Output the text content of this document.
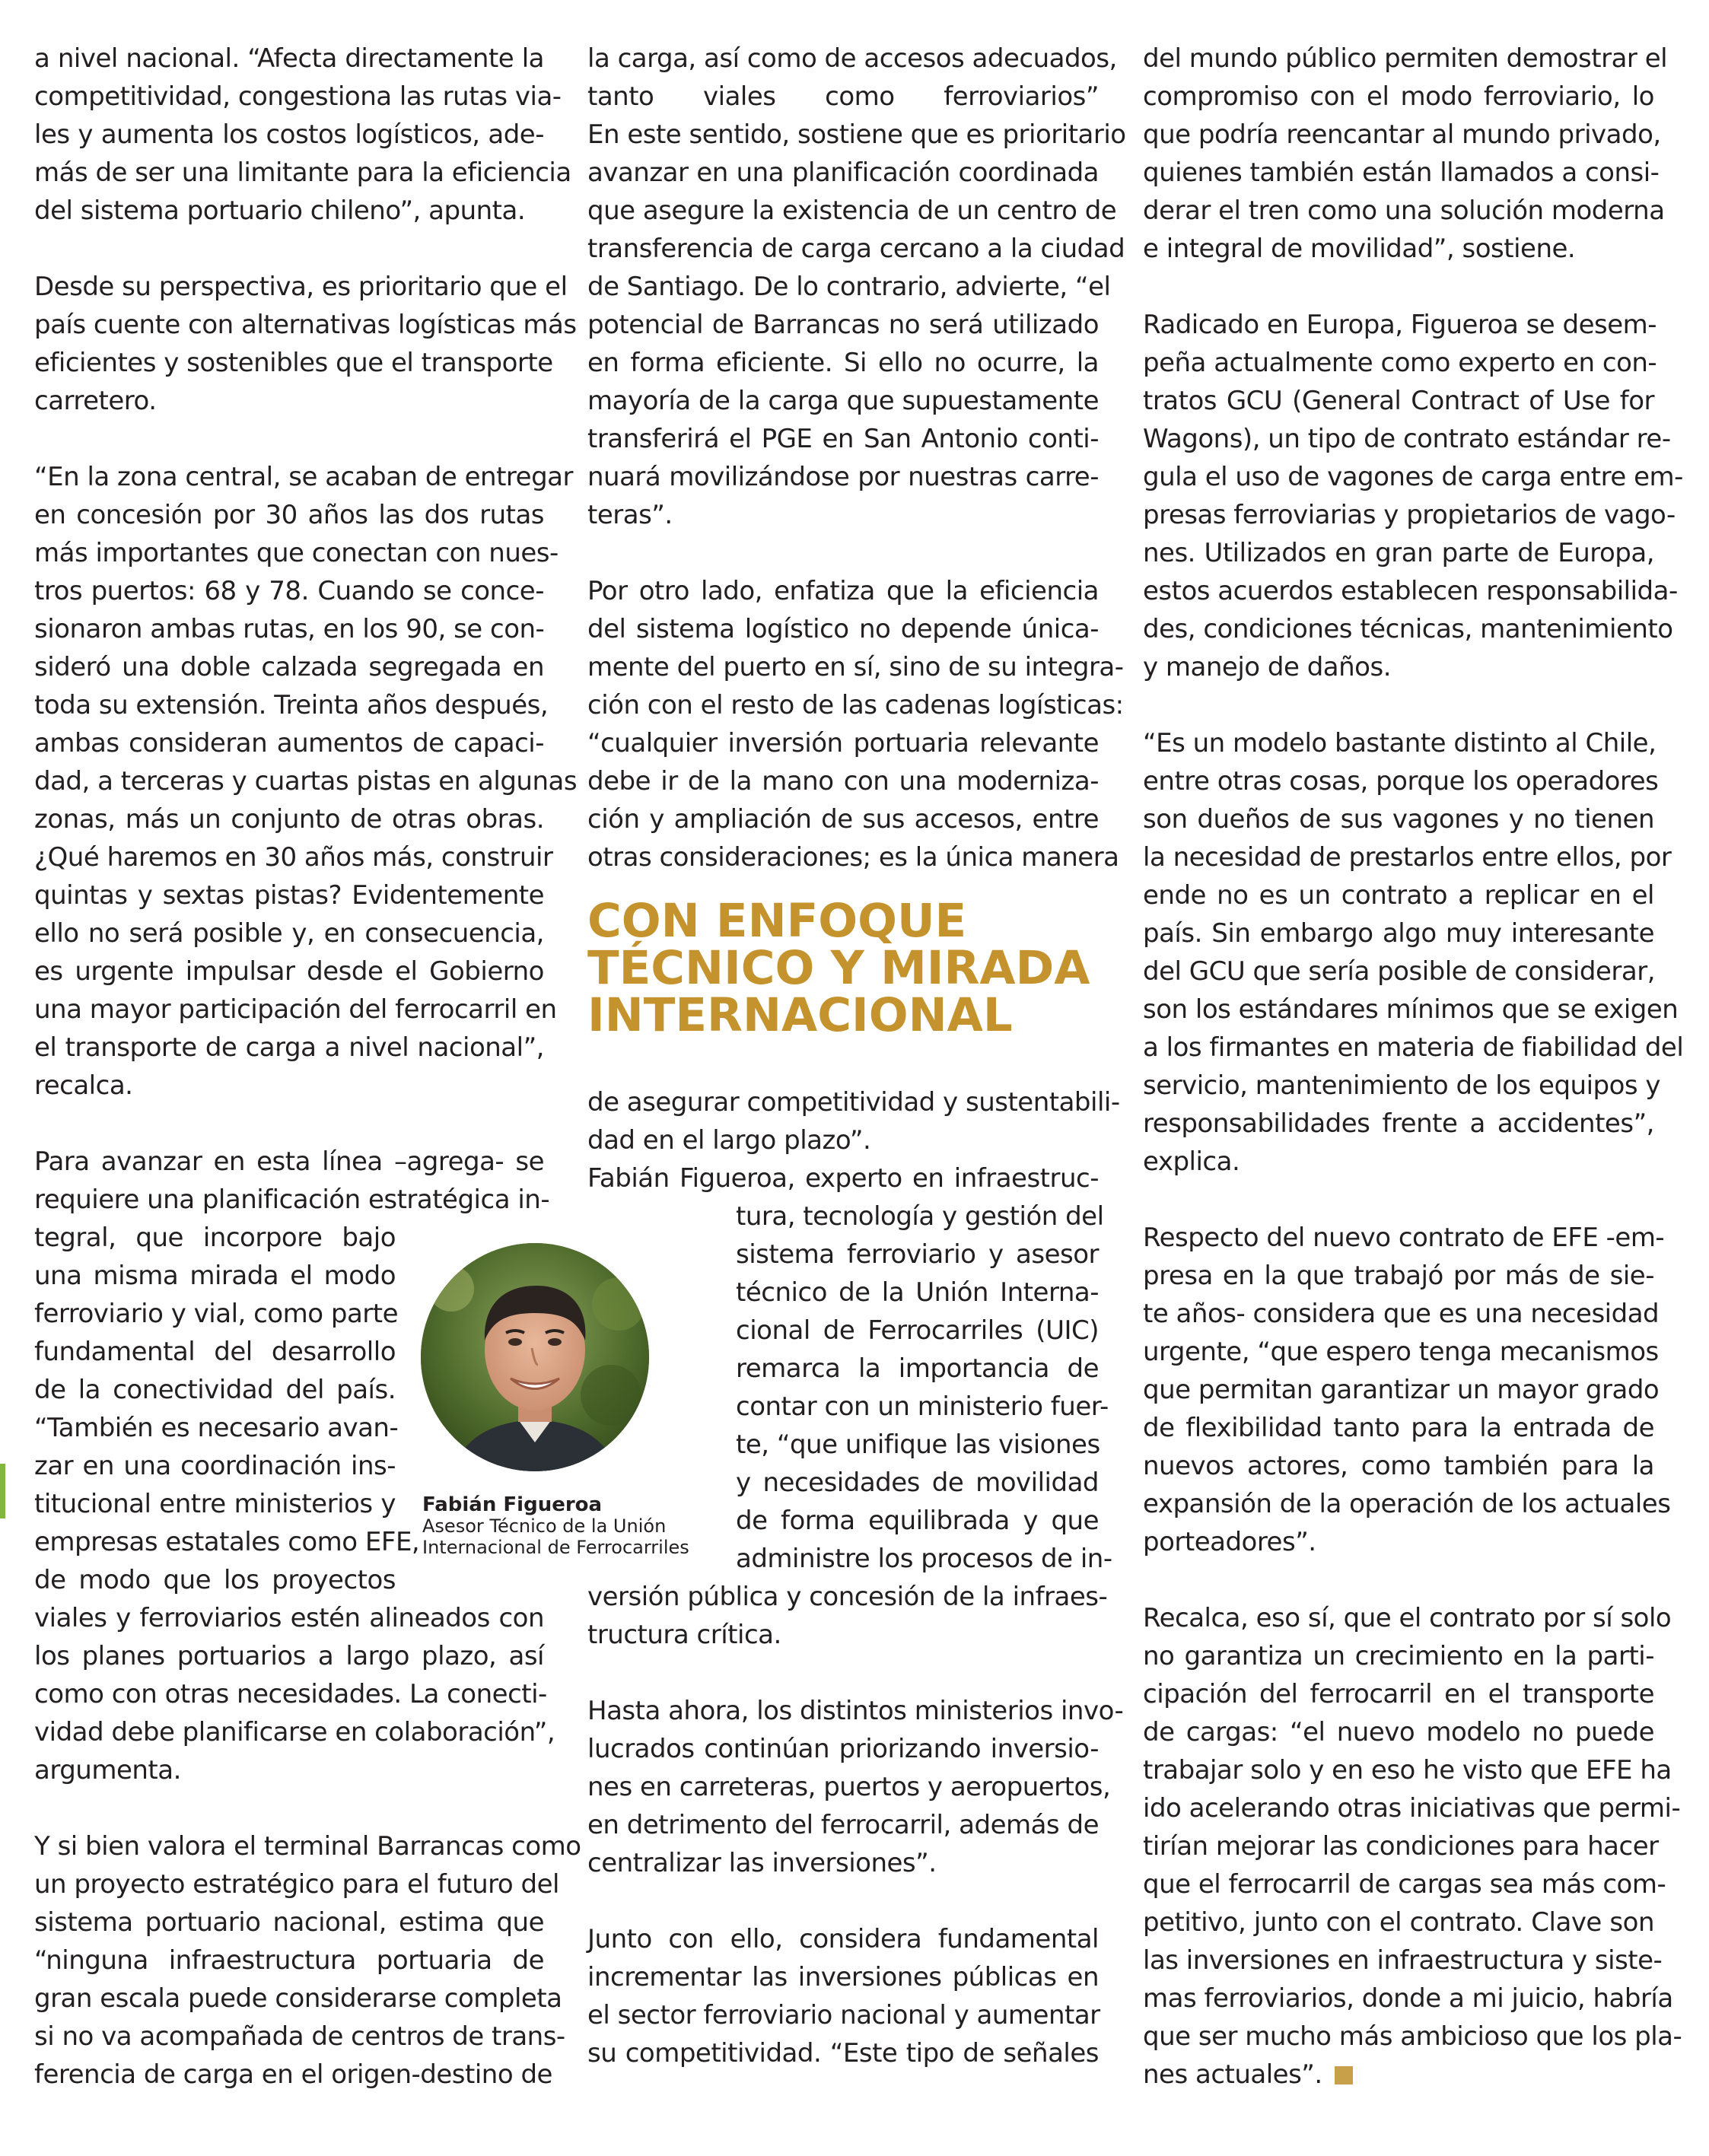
a nivel nacional. “Afecta directamente la
competitividad, congestiona las rutas via-
les y aumenta los costos logísticos, ade-
más de ser una limitante para la eficiencia
del sistema portuario chileno”, apunta.
Desde su perspectiva, es prioritario que el
país cuente con alternativas logísticas más
eficientes y sostenibles que el transporte
carretero.
“En la zona central, se acaban de entregar
en concesión por 30 años las dos rutas
más importantes que conectan con nues-
tros puertos: 68 y 78. Cuando se conce-
sionaron ambas rutas, en los 90, se con-
sideró una doble calzada segregada en
toda su extensión. Treinta años después,
ambas consideran aumentos de capaci-
dad, a terceras y cuartas pistas en algunas
zonas, más un conjunto de otras obras.
¿Qué haremos en 30 años más, construir
quintas y sextas pistas? Evidentemente
ello no será posible y, en consecuencia,
es urgente impulsar desde el Gobierno
una mayor participación del ferrocarril en
el transporte de carga a nivel nacional”,
recalca.
Para avanzar en esta línea –agrega- se
requiere una planificación estratégica in-
tegral, que incorpore bajo
una misma mirada el modo
ferroviario y vial, como parte
fundamental del desarrollo
de la conectividad del país.
“También es necesario avan-
zar en una coordinación ins-
titucional entre ministerios y
empresas estatales como EFE,
de modo que los proyectos
viales y ferroviarios estén alineados con
los planes portuarios a largo plazo, así
como con otras necesidades. La conecti-
vidad debe planificarse en colaboración”,
argumenta.
Y si bien valora el terminal Barrancas como
un proyecto estratégico para el futuro del
sistema portuario nacional, estima que
“ninguna infraestructura portuaria de
gran escala puede considerarse completa
si no va acompañada de centros de trans-
ferencia de carga en el origen-destino de
la carga, así como de accesos adecuados,
tanto viales como ferroviarios”
En este sentido, sostiene que es prioritario
avanzar en una planificación coordinada
que asegure la existencia de un centro de
transferencia de carga cercano a la ciudad
de Santiago. De lo contrario, advierte, “el
potencial de Barrancas no será utilizado
en forma eficiente. Si ello no ocurre, la
mayoría de la carga que supuestamente
transferirá el PGE en San Antonio conti-
nuará movilizándose por nuestras carre-
teras”.
Por otro lado, enfatiza que la eficiencia
del sistema logístico no depende única-
mente del puerto en sí, sino de su integra-
ción con el resto de las cadenas logísticas:
“cualquier inversión portuaria relevante
debe ir de la mano con una moderniza-
ción y ampliación de sus accesos, entre
otras consideraciones; es la única manera
CON ENFOQUE
TÉCNICO Y MIRADA
INTERNACIONAL
de asegurar competitividad y sustentabili-
dad en el largo plazo”.
Fabián Figueroa, experto en infraestruc-
tura, tecnología y gestión del
sistema ferroviario y asesor
técnico de la Unión Interna-
cional de Ferrocarriles (UIC)
remarca la importancia de
contar con un ministerio fuer-
te, “que unifique las visiones
y necesidades de movilidad
de forma equilibrada y que
administre los procesos de in-
versión pública y concesión de la infraes-
tructura crítica.
Hasta ahora, los distintos ministerios invo-
lucrados continúan priorizando inversio-
nes en carreteras, puertos y aeropuertos,
en detrimento del ferrocarril, además de
centralizar las inversiones”.
Junto con ello, considera fundamental
incrementar las inversiones públicas en
el sector ferroviario nacional y aumentar
su competitividad. “Este tipo de señales
del mundo público permiten demostrar el
compromiso con el modo ferroviario, lo
que podría reencantar al mundo privado,
quienes también están llamados a consi-
derar el tren como una solución moderna
e integral de movilidad”, sostiene.
Radicado en Europa, Figueroa se desem-
peña actualmente como experto en con-
tratos GCU (General Contract of Use for
Wagons), un tipo de contrato estándar re-
gula el uso de vagones de carga entre em-
presas ferroviarias y propietarios de vago-
nes. Utilizados en gran parte de Europa,
estos acuerdos establecen responsabilida-
des, condiciones técnicas, mantenimiento
y manejo de daños.
“Es un modelo bastante distinto al Chile,
entre otras cosas, porque los operadores
son dueños de sus vagones y no tienen
la necesidad de prestarlos entre ellos, por
ende no es un contrato a replicar en el
país. Sin embargo algo muy interesante
del GCU que sería posible de considerar,
son los estándares mínimos que se exigen
a los firmantes en materia de fiabilidad del
servicio, mantenimiento de los equipos y
responsabilidades frente a accidentes”,
explica.
Respecto del nuevo contrato de EFE -em-
presa en la que trabajó por más de sie-
te años- considera que es una necesidad
urgente, “que espero tenga mecanismos
que permitan garantizar un mayor grado
de flexibilidad tanto para la entrada de
nuevos actores, como también para la
expansión de la operación de los actuales
porteadores”.
Recalca, eso sí, que el contrato por sí solo
no garantiza un crecimiento en la parti-
cipación del ferrocarril en el transporte
de cargas: “el nuevo modelo no puede
trabajar solo y en eso he visto que EFE ha
ido acelerando otras iniciativas que permi-
tirían mejorar las condiciones para hacer
que el ferrocarril de cargas sea más com-
petitivo, junto con el contrato. Clave son
las inversiones en infraestructura y siste-
mas ferroviarios, donde a mi juicio, habría
que ser mucho más ambicioso que los pla-
nes actuales”.
Fabián Figueroa
Asesor Técnico de la Unión
Internacional de Ferrocarriles
